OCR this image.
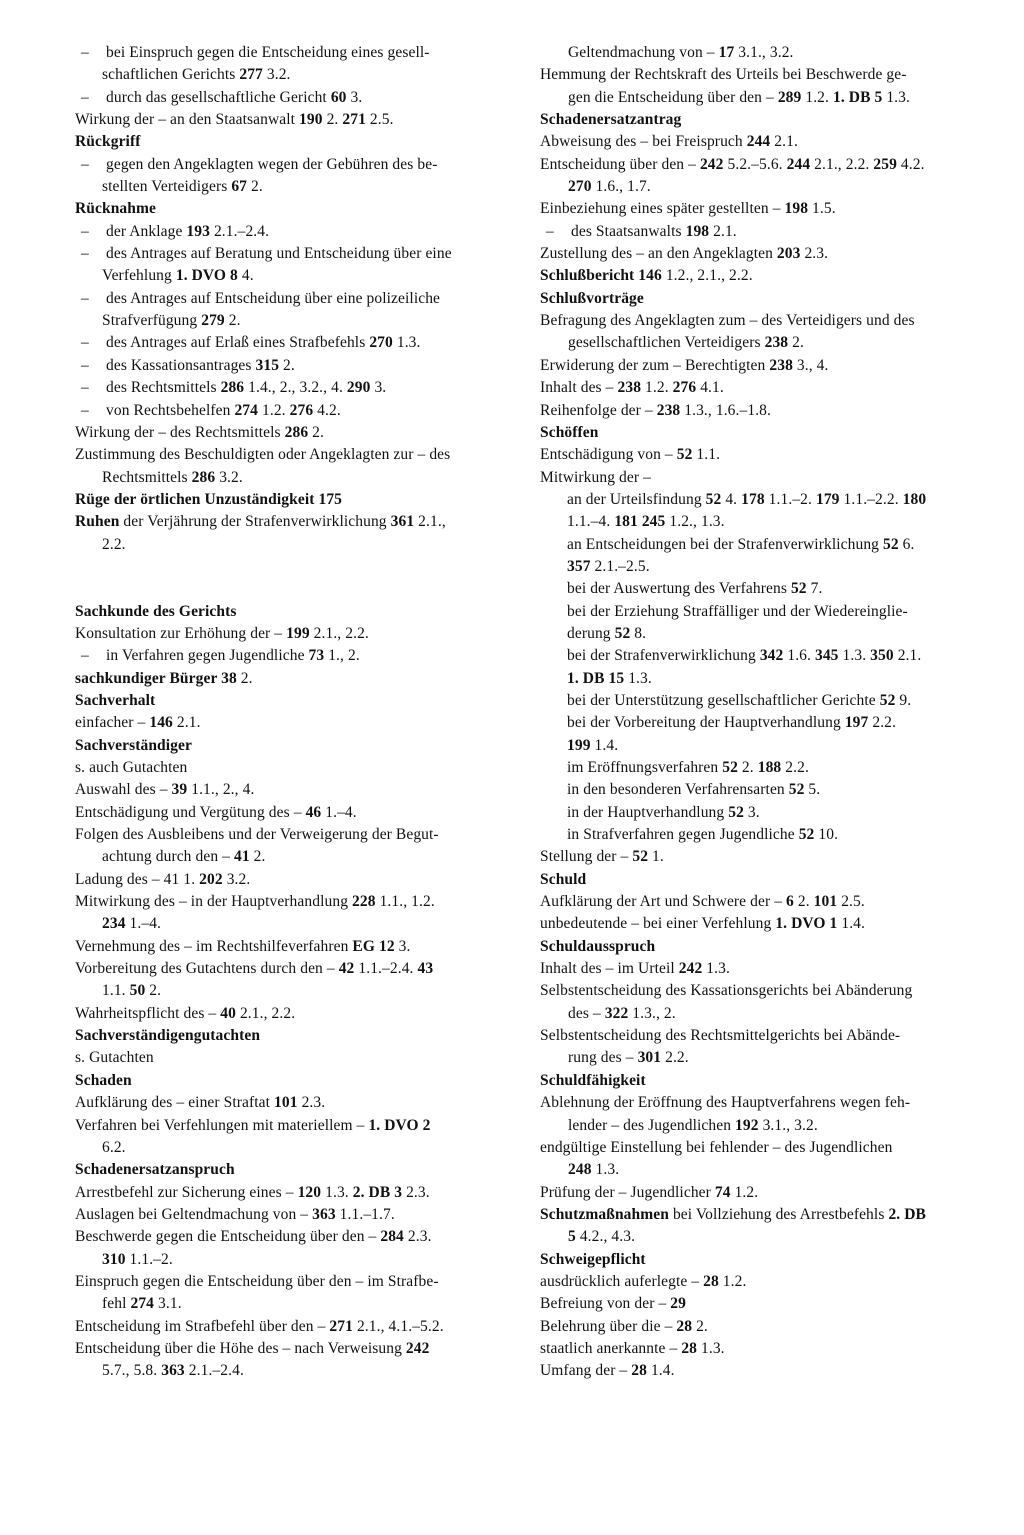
–	bei Einspruch gegen die Entscheidung eines gesell-
schaftlichen Gerichts 277 3.2.
–	durch das gesellschaftliche Gericht 60 3.
Wirkung der – an den Staatsanwalt 190 2. 271 2.5.
Rückgriff
–	gegen den Angeklagten wegen der Gebühren des be-
stellten Verteidigers 67 2.
Rücknahme
–	der Anklage 193 2.1.–2.4.
–	des Antrages auf Beratung und Entscheidung über eine
Verfehlung 1. DVO 8 4.
–	des Antrages auf Entscheidung über eine polizeiliche
Strafverfügung 279 2.
–	des Antrages auf Erlaß eines Strafbefehls 270 1.3.
–	des Kassationsantrages 315 2.
–	des Rechtsmittels 286 1.4., 2., 3.2., 4. 290 3.
–	von Rechtsbehelfen 274 1.2. 276 4.2.
Wirkung der – des Rechtsmittels 286 2.
Zustimmung des Beschuldigten oder Angeklagten zur – des
Rechtsmittels 286 3.2.
Rüge der örtlichen Unzuständigkeit 175
Ruhen der Verjährung der Strafenverwirklichung 361 2.1.,
2.2.
Sachkunde des Gerichts
Konsultation zur Erhöhung der – 199 2.1., 2.2.
–	in Verfahren gegen Jugendliche 73 1., 2.
sachkundiger Bürger 38 2.
Sachverhalt
einfacher – 146 2.1.
Sachverständiger
s. auch Gutachten
Auswahl des – 39 1.1., 2., 4.
Entschädigung und Vergütung des – 46 1.–4.
Folgen des Ausbleibens und der Verweigerung der Begut-
achtung durch den – 41 2.
Ladung des – 41 1. 202 3.2.
Mitwirkung des – in der Hauptverhandlung 228 1.1., 1.2.
234 1.–4.
Vernehmung des – im Rechtshilfeverfahren EG 12 3.
Vorbereitung des Gutachtens durch den – 42 1.1.–2.4. 43
1.1. 50 2.
Wahrheitspflicht des – 40 2.1., 2.2.
Sachverständigengutachten
s. Gutachten
Schaden
Aufklärung des – einer Straftat 101 2.3.
Verfahren bei Verfehlungen mit materiellem – 1. DVO 2
6.2.
Schadenersatzanspruch
Arrestbefehl zur Sicherung eines – 120 1.3. 2. DB 3 2.3.
Auslagen bei Geltendmachung von – 363 1.1.–1.7.
Beschwerde gegen die Entscheidung über den – 284 2.3.
310 1.1.–2.
Einspruch gegen die Entscheidung über den – im Strafbe-
fehl 274 3.1.
Entscheidung im Strafbefehl über den – 271 2.1., 4.1.–5.2.
Entscheidung über die Höhe des – nach Verweisung 242
5.7., 5.8. 363 2.1.–2.4.
Geltendmachung von – 17 3.1., 3.2.
Hemmung der Rechtskraft des Urteils bei Beschwerde ge-
gen die Entscheidung über den – 289 1.2. 1. DB 5 1.3.
Schadenersatzantrag
Abweisung des – bei Freispruch 244 2.1.
Entscheidung über den – 242 5.2.–5.6. 244 2.1., 2.2. 259 4.2.
270 1.6., 1.7.
Einbeziehung eines später gestellten – 198 1.5.
–	des Staatsanwalts 198 2.1.
Zustellung des – an den Angeklagten 203 2.3.
Schlußbericht 146 1.2., 2.1., 2.2.
Schlußvorträge
Befragung des Angeklagten zum – des Verteidigers und des
gesellschaftlichen Verteidigers 238 2.
Erwiderung der zum – Berechtigten 238 3., 4.
Inhalt des – 238 1.2. 276 4.1.
Reihenfolge der – 238 1.3., 1.6.–1.8.
Schöffen
Entschädigung von – 52 1.1.
Mitwirkung der –
an der Urteilsfindung 52 4. 178 1.1.–2. 179 1.1.–2.2. 180
1.1.–4. 181 245 1.2., 1.3.
an Entscheidungen bei der Strafenverwirklichung 52 6.
357 2.1.–2.5.
bei der Auswertung des Verfahrens 52 7.
bei der Erziehung Straffälliger und der Wiedereinglie-
derung 52 8.
bei der Strafenverwirklichung 342 1.6. 345 1.3. 350 2.1.
1. DB 15 1.3.
bei der Unterstützung gesellschaftlicher Gerichte 52 9.
bei der Vorbereitung der Hauptverhandlung 197 2.2.
199 1.4.
im Eröffnungsverfahren 52 2. 188 2.2.
in den besonderen Verfahrensarten 52 5.
in der Hauptverhandlung 52 3.
in Strafverfahren gegen Jugendliche 52 10.
Stellung der – 52 1.
Schuld
Aufklärung der Art und Schwere der – 6 2. 101 2.5.
unbedeutende – bei einer Verfehlung 1. DVO 1 1.4.
Schuldausspruch
Inhalt des – im Urteil 242 1.3.
Selbstentscheidung des Kassationsgerichts bei Abänderung
des – 322 1.3., 2.
Selbstentscheidung des Rechtsmittelgerichts bei Abände-
rung des – 301 2.2.
Schuldfähigkeit
Ablehnung der Eröffnung des Hauptverfahrens wegen feh-
lender – des Jugendlichen 192 3.1., 3.2.
endgültige Einstellung bei fehlender – des Jugendlichen
248 1.3.
Prüfung der – Jugendlicher 74 1.2.
Schutzmaßnahmen bei Vollziehung des Arrestbefehls 2. DB
5 4.2., 4.3.
Schweigepflicht
ausdrücklich auferlegte – 28 1.2.
Befreiung von der – 29
Belehrung über die – 28 2.
staatlich anerkannte – 28 1.3.
Umfang der – 28 1.4.
